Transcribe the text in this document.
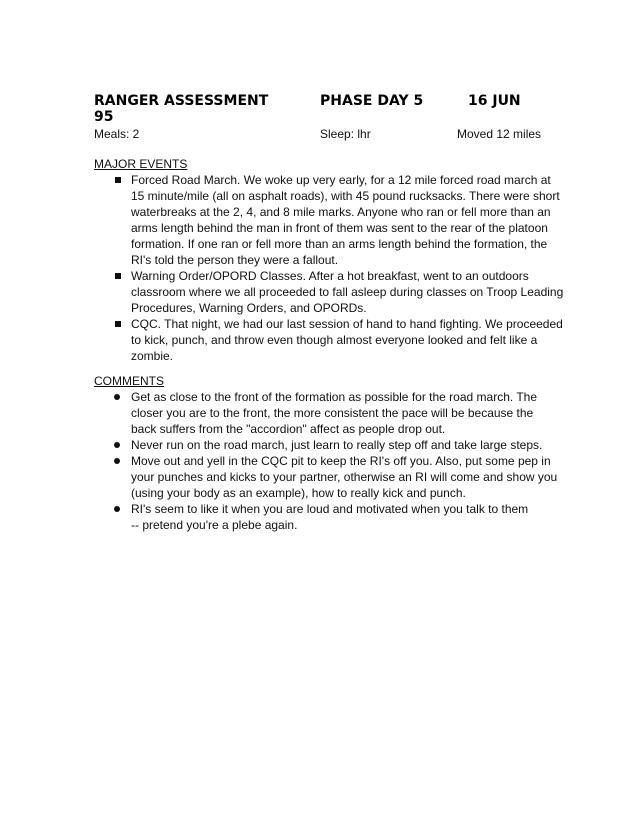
RANGER ASSESSMENT	PHASE DAY 5	16 JUN
95
Meals: 2	Sleep: lhr	Moved 12 miles
MAJOR EVENTS
Forced Road March. We woke up very early, for a 12 mile forced road march at
15 minute/mile (all on asphalt roads), with 45 pound rucksacks. There were short
waterbreaks at the 2, 4, and 8 mile marks. Anyone who ran or fell more than an
arms length behind the man in front of them was sent to the rear of the platoon
formation. If one ran or fell more than an arms length behind the formation, the
RI's told the person they were a fallout.
Warning Order/OPORD Classes. After a hot breakfast, went to an outdoors
classroom where we all proceeded to fall asleep during classes on Troop Leading
Procedures, Warning Orders, and OPORDs.
CQC. That night, we had our last session of hand to hand fighting. We proceeded
to kick, punch, and throw even though almost everyone looked and felt like a
zombie.
COMMENTS
Get as close to the front of the formation as possible for the road march. The
closer you are to the front, the more consistent the pace will be because the
back suffers from the "accordion" affect as people drop out.
Never run on the road march, just learn to really step off and take large steps.
Move out and yell in the CQC pit to keep the RI's off you. Also, put some pep in
your punches and kicks to your partner, otherwise an RI will come and show you
(using your body as an example), how to really kick and punch.
RI's seem to like it when you are loud and motivated when you talk to them
-- pretend you're a plebe again.
